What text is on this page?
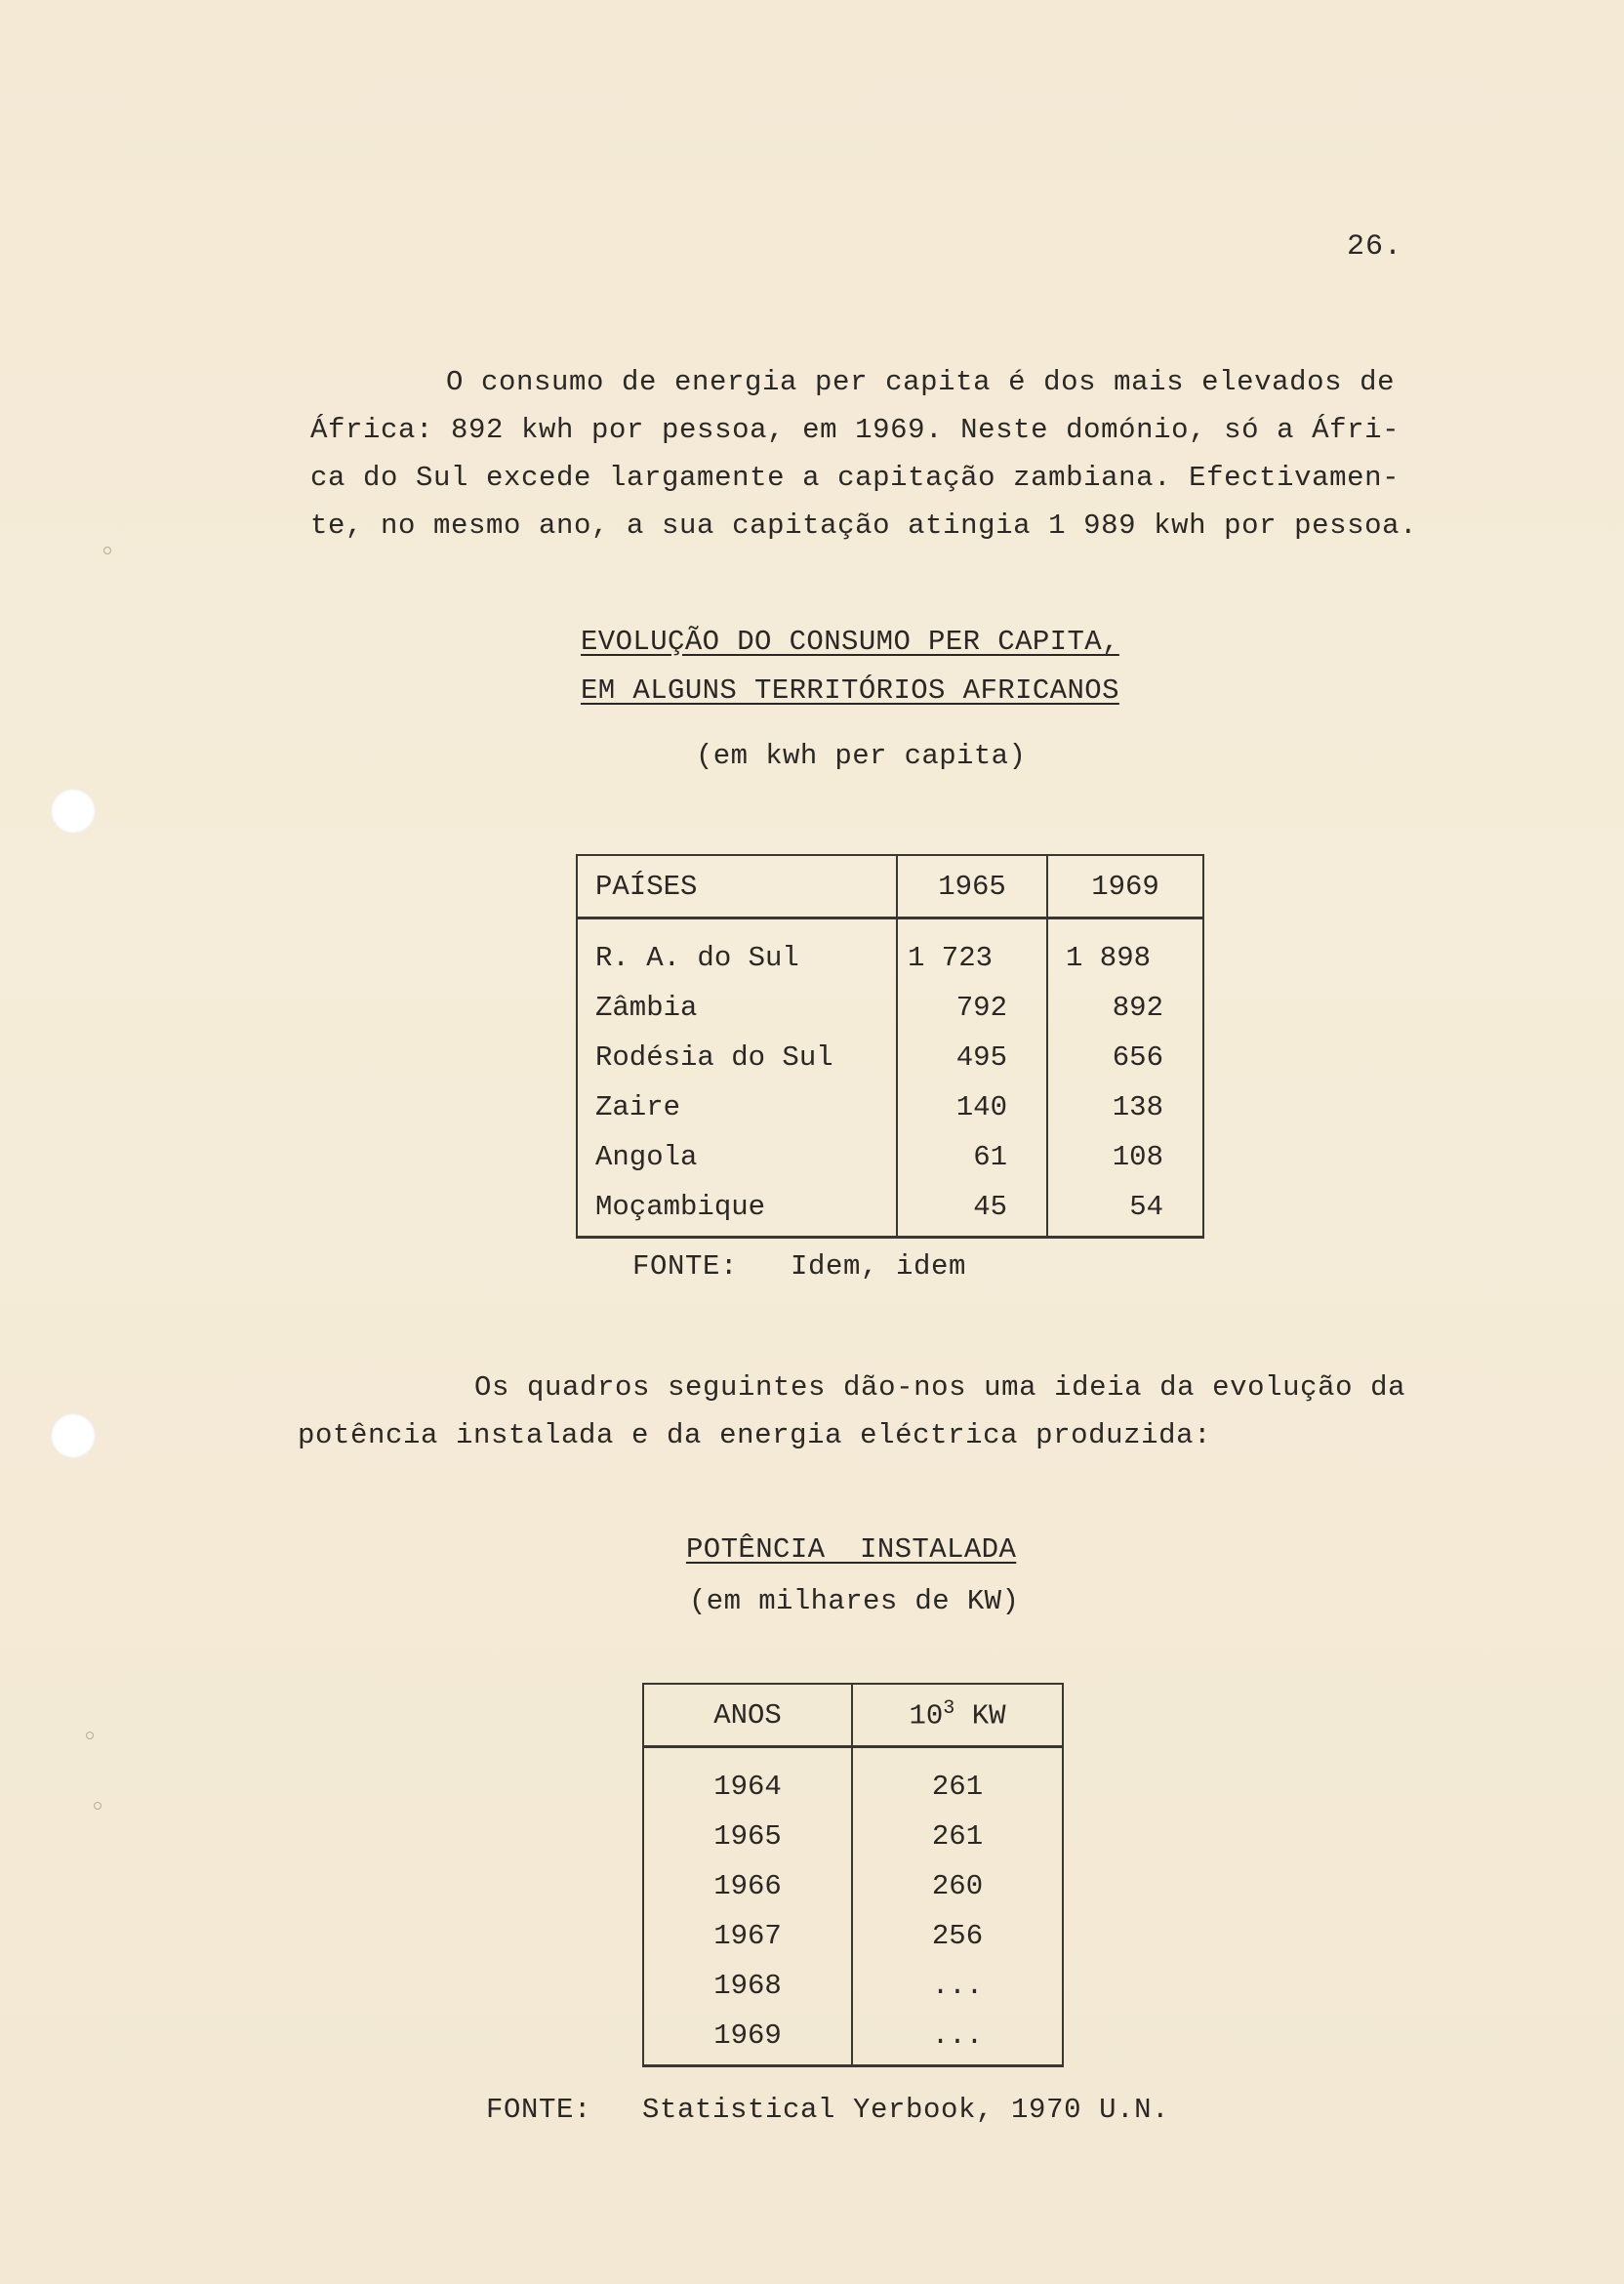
26.
O consumo de energia per capita é dos mais elevados de
África: 892 kwh por pessoa, em 1969. Neste domónio, só a Áfri-
ca do Sul excede largamente a capitação zambiana. Efectivamen-
te, no mesmo ano, a sua capitação atingia 1 989 kwh por pessoa.
EVOLUÇÃO DO CONSUMO PER CAPITA,
EM ALGUNS TERRITÓRIOS AFRICANOS
(em kwh per capita)
PAÍSES	1965	1969
R. A. do Sul	1 723	1 898
Zâmbia	792	892
Rodésia do Sul	495	656
Zaire	140	138
Angola	61	108
Moçambique	45	54
FONTE: Idem, idem
Os quadros seguintes dão-nos uma ideia da evolução da
potência instalada e da energia eléctrica produzida:
POTÊNCIA  INSTALADA
(em milhares de KW)
ANOS	$10^3$ KW
1964	261
1965	261
1966	260
1967	256
1968	...
1969	...
FONTE: Statistical Yerbook, 1970 U.N.
